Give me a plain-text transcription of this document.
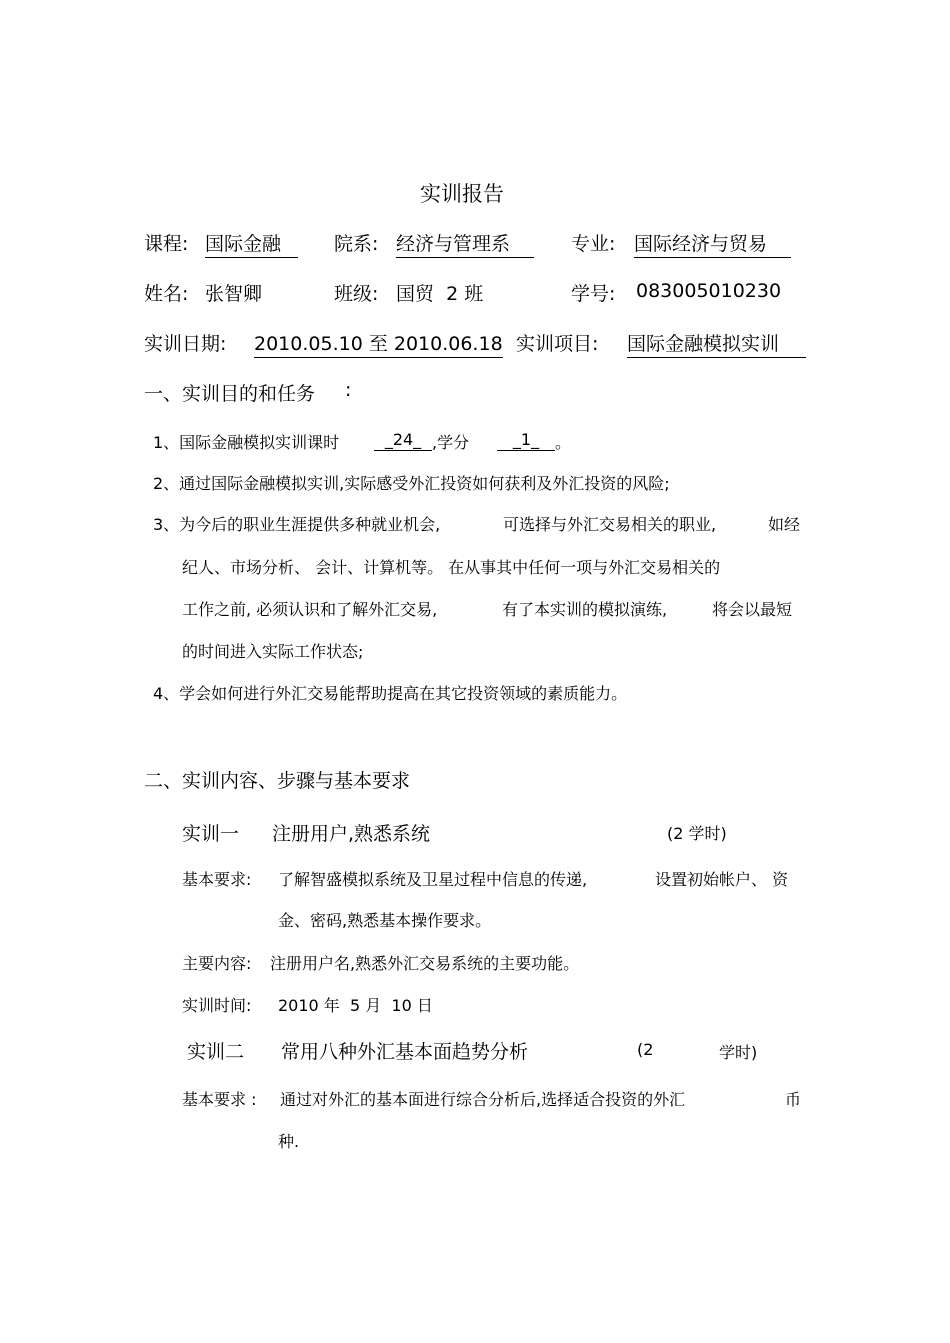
实训报告
课程: 国际金融	院系: 经济与管理系	专业: 国际经济与贸易
姓名: 张智卿	班级: 国贸  2 班	学号: 083005010230
实训日期: 2010.05.10 至 2010.06.18 实训项目: 国际金融模拟实训
一、实训目的和任务 :
1、国际金融模拟实训课时	_24_ ,学分	_1_ 。
2、通过国际金融模拟实训,实际感受外汇投资如何获利及外汇投资的风险;
3、为今后的职业生涯提供多种就业机会,	可选择与外汇交易相关的职业,	如经
纪人、市场分析、 会计、计算机等。 在从事其中任何一项与外汇交易相关的
工作之前, 必须认识和了解外汇交易,	有了本实训的模拟演练,	将会以最短
的时间进入实际工作状态;
4、学会如何进行外汇交易能帮助提高在其它投资领域的素质能力。
二、实训内容、步骤与基本要求
实训一 注册用户,熟悉系统	(2 学时)
基本要求: 了解智盛模拟系统及卫星过程中信息的传递,	设置初始帐户、 资
金、密码,熟悉基本操作要求。
主要内容: 注册用户名,熟悉外汇交易系统的主要功能。
实训时间: 2010 年  5 月  10 日
实训二 常用八种外汇基本面趋势分析	(2	学时)
基本要求 : 通过对外汇的基本面进行综合分析后,选择适合投资的外汇	币
种.
